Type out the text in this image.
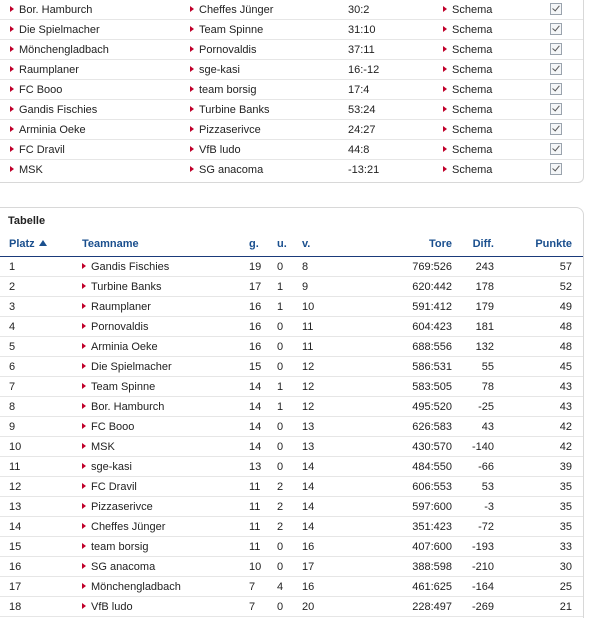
Bor. Hamburch	Cheffes Jünger	30:2	Schema
Die Spielmacher	Team Spinne	31:10	Schema
Mönchengladbach	Pornovaldis	37:11	Schema
Raumplaner	sge-kasi	16:-12	Schema
FC Booo	team borsig	17:4	Schema
Gandis Fischies	Turbine Banks	53:24	Schema
Arminia Oeke	Pizzaserivce	24:27	Schema
FC Dravil	VfB ludo	44:8	Schema
MSK	SG anacoma	-13:21	Schema
Tabelle
Platz	Teamname	g. u. v.	Tore Diff.	Punkte
1	Gandis Fischies	19 0 8	769:526 243	57
2	Turbine Banks	17 1 9	620:442 178	52
3	Raumplaner	16 1 10	591:412 179	49
4	Pornovaldis	16 0 11	604:423 181	48
5	Arminia Oeke	16 0 11	688:556 132	48
6	Die Spielmacher	15 0 12	586:531	55	45
7	Team Spinne	14 1 12	583:505	78	43
8	Bor. Hamburch	14 1 12	495:520 -25	43
9	FC Booo	14 0 13	626:583	43	42
10	MSK	14 0 13	430:570 -140	42
11	sge-kasi	13 0 14	484:550 -66	39
12	FC Dravil	11 2 14	606:553	53	35
13	Pizzaserivce	11 2 14	597:600	-3	35
14	Cheffes Jünger	11 2 14	351:423 -72	35
15	team borsig	11 0 16	407:600 -193	33
16	SG anacoma	10 0 17	388:598 -210	30
17	Mönchengladbach	7 4 16	461:625 -164	25
18	VfB ludo	7 0 20	228:497 -269	21
